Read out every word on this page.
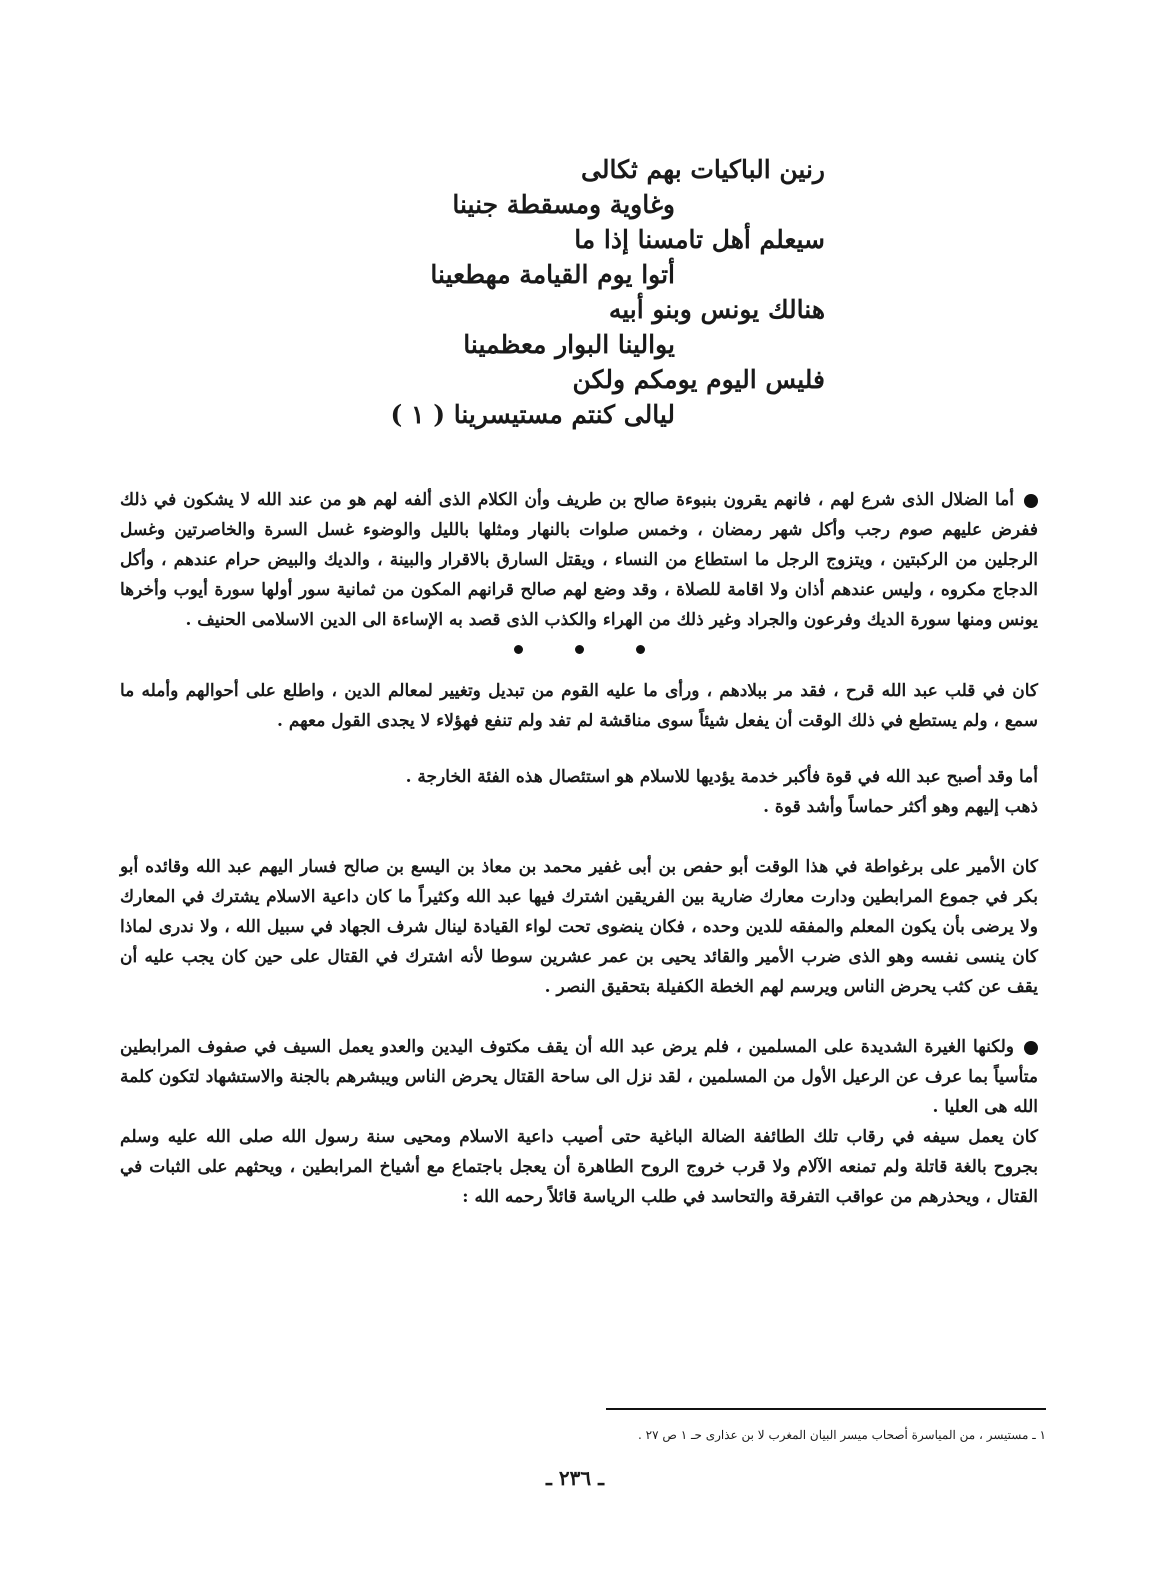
رنين الباكيات بهم ثكالى
وغاوية ومسقطة جنينا
سيعلم أهل تامسنا إذا ما
أتوا يوم القيامة مهطعينا
هنالك يونس وبنو أبيه
يوالينا البوار معظمينا
فليس اليوم يومكم ولكن
ليالى كنتم مستيسرينا ( ١ )

أما الضلال الذى شرع لهم ، فانهم يقرون بنبوءة صالح بن طريف وأن الكلام الذى ألفه لهم هو من عند الله لا يشكون في ذلك ففرض عليهم صوم رجب وأكل شهر رمضان ، وخمس صلوات بالنهار ومثلها بالليل والوضوء غسل السرة والخاصرتين وغسل الرجلين من الركبتين ، ويتزوج الرجل ما استطاع من النساء ، ويقتل السارق بالاقرار والبينة ، والديك والبيض حرام عندهم ، وأكل الدجاج مكروه ، وليس عندهم أذان ولا اقامة للصلاة ، وقد وضع لهم صالح قرانهم المكون من ثمانية سور أولها سورة أيوب وأخرها يونس ومنها سورة الديك وفرعون والجراد وغير ذلك من الهراء والكذب الذى قصد به الإساءة الى الدين الاسلامى الحنيف .

كان في قلب عبد الله قرح ، فقد مر ببلادهم ، ورأى ما عليه القوم من تبديل وتغيير لمعالم الدين ، واطلع على أحوالهم وأمله ما سمع ، ولم يستطع في ذلك الوقت أن يفعل شيئاً سوى مناقشة لم تفد ولم تنفع فهؤلاء لا يجدى القول معهم .

أما وقد أصبح عبد الله في قوة فأكبر خدمة يؤديها للاسلام هو استئصال هذه الفئة الخارجة .

ذهب إليهم وهو أكثر حماساً وأشد قوة .

كان الأمير على برغواطة في هذا الوقت أبو حفص بن أبى غفير محمد بن معاذ بن اليسع بن صالح فسار اليهم عبد الله وقائده أبو بكر في جموع المرابطين ودارت معارك ضارية بين الفريقين اشترك فيها عبد الله وكثيراً ما كان داعية الاسلام يشترك في المعارك ولا يرضى بأن يكون المعلم والمفقه للدين وحده ، فكان ينضوى تحت لواء القيادة لينال شرف الجهاد في سبيل الله ، ولا ندرى لماذا كان ينسى نفسه وهو الذى ضرب الأمير والقائد يحيى بن عمر عشرين سوطا لأنه اشترك في القتال على حين كان يجب عليه أن يقف عن كثب يحرض الناس ويرسم لهم الخطة الكفيلة بتحقيق النصر .

ولكنها الغيرة الشديدة على المسلمين ، فلم يرض عبد الله أن يقف مكتوف اليدين والعدو يعمل السيف في صفوف المرابطين متأسياً بما عرف عن الرعيل الأول من المسلمين ، لقد نزل الى ساحة القتال يحرض الناس ويبشرهم بالجنة والاستشهاد لتكون كلمة الله هى العليا .

كان يعمل سيفه في رقاب تلك الطائفة الضالة الباغية حتى أصيب داعية الاسلام ومحيى سنة رسول الله صلى الله عليه وسلم بجروح بالغة قاتلة ولم تمنعه الآلام ولا قرب خروج الروح الطاهرة أن يعجل باجتماع مع أشياخ المرابطين ، ويحثهم على الثبات في القتال ، ويحذرهم من عواقب التفرقة والتحاسد في طلب الرياسة قائلاً رحمه الله :

١ ـ مستيسر ، من المياسرة أصحاب ميسر البيان المغرب لا بن عذارى حـ ١ ص ٢٧ .
ـ ٢٣٦ ـ
